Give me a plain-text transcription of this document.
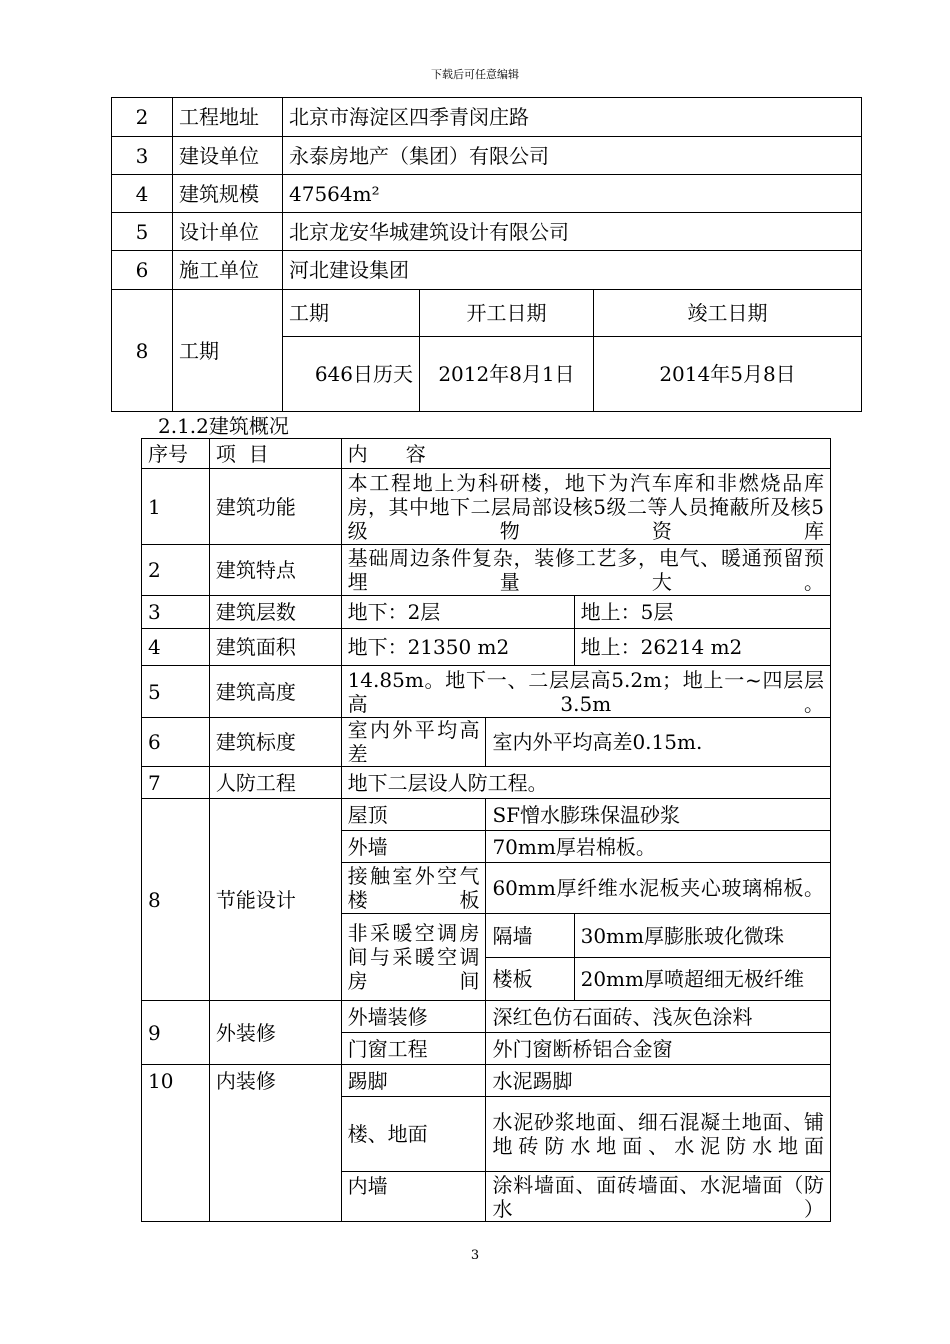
下载后可任意编辑
2	工程地址	北京市海淀区四季青闵庄路		
3	建设单位	永泰房地产（集团）有限公司		
4	建筑规模	47564m²		
5	设计单位	北京龙安华城建筑设计有限公司		
6	施工单位	河北建设集团		
8	工期	工期	开工日期	竣工日期
		646日历天	2012年8月1日	2014年5月8日
2.1.2建筑概况
序号	项  目	内      容		
1	建筑功能	本工程地上为科研楼，地下为汽车库和非燃烧品库房，其中地下二层局部设核5级二等人员掩蔽所及核5级物资库		
2	建筑特点	基础周边条件复杂，装修工艺多，电气、暖通预留预埋量大。		
3	建筑层数	地下：2层		地上：5层
4	建筑面积	地下：21350 m2		地上：26214 m2
5	建筑高度	14.85m。地下一、二层层高5.2m；地上一~四层层高3.5m。		
6	建筑标度	室内外平均高差	室内外平均高差0.15m.	
7	人防工程	地下二层设人防工程。		
8	节能设计	屋顶	SF憎水膨珠保温砂浆	
		外墙	70mm厚岩棉板。	
		接触室外空气楼板	60mm厚纤维水泥板夹心玻璃棉板。	
		非采暖空调房间与采暖空调房间	隔墙	30mm厚膨胀玻化微珠
			楼板	20mm厚喷超细无极纤维
9	外装修	外墙装修	深红色仿石面砖、浅灰色涂料	
		门窗工程	外门窗断桥铝合金窗	
10	内装修	踢脚	水泥踢脚	
		楼、地面	水泥砂浆地面、细石混凝土地面、铺地砖防水地面、水泥防水地面	
		内墙	涂料墙面、面砖墙面、水泥墙面（防水）	
3
